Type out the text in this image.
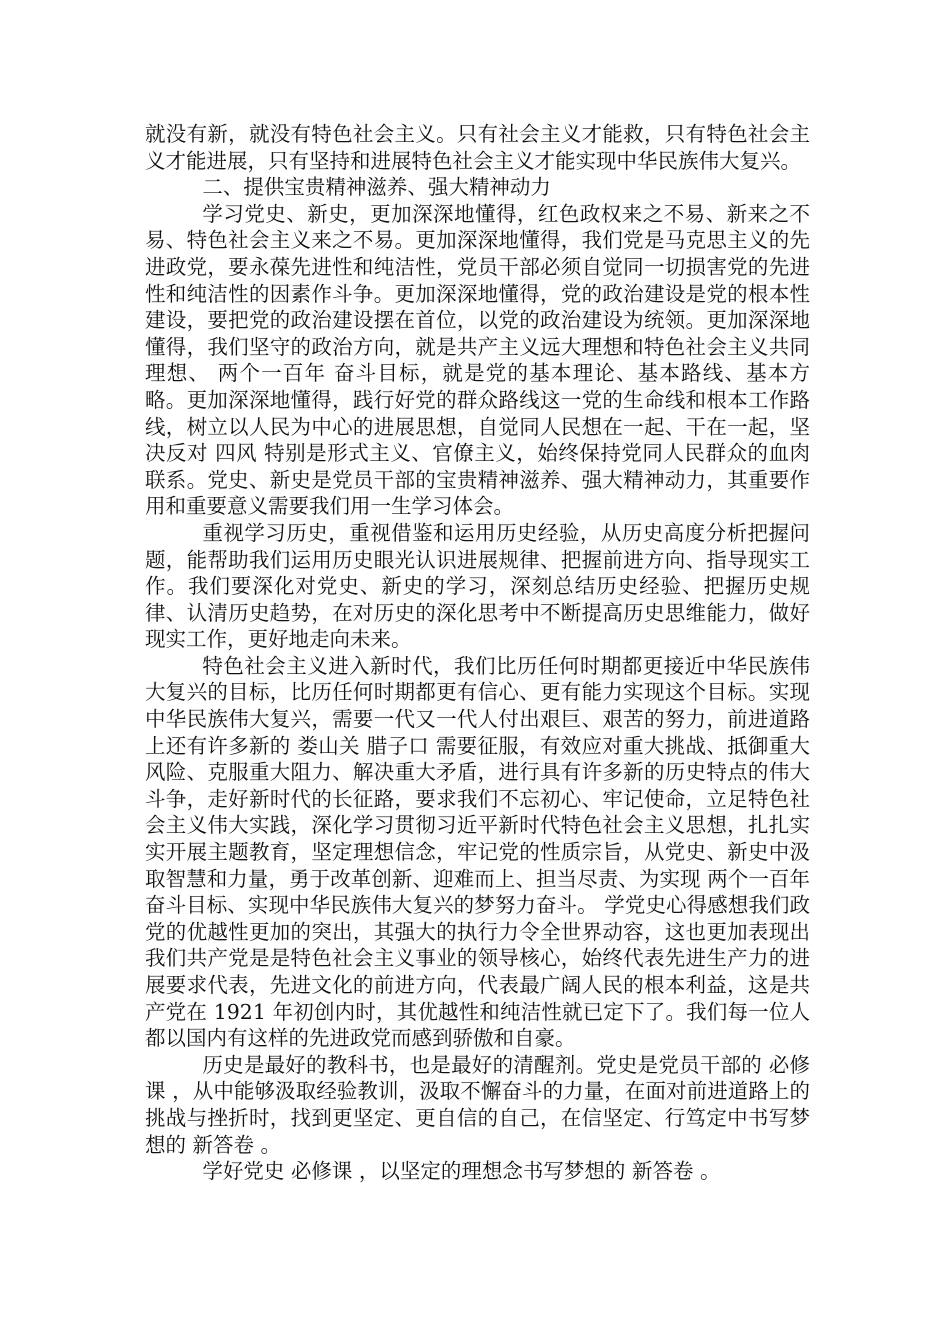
就没有新，就没有特色社会主义。只有社会主义才能救，只有特色社会主义才能进展，只有坚持和进展特色社会主义才能实现中华民族伟大复兴。

二、提供宝贵精神滋养、强大精神动力

学习党史、新史，更加深深地懂得，红色政权来之不易、新来之不易、特色社会主义来之不易。更加深深地懂得，我们党是马克思主义的先进政党，要永葆先进性和纯洁性，党员干部必须自觉同一切损害党的先进性和纯洁性的因素作斗争。更加深深地懂得，党的政治建设是党的根本性建设，要把党的政治建设摆在首位，以党的政治建设为统领。更加深深地懂得，我们坚守的政治方向，就是共产主义远大理想和特色社会主义共同理想、 两个一百年 奋斗目标，就是党的基本理论、基本路线、基本方略。更加深深地懂得，践行好党的群众路线这一党的生命线和根本工作路线，树立以人民为中心的进展思想，自觉同人民想在一起、干在一起，坚决反对 四风 特别是形式主义、官僚主义，始终保持党同人民群众的血肉联系。党史、新史是党员干部的宝贵精神滋养、强大精神动力，其重要作用和重要意义需要我们用一生学习体会。

重视学习历史，重视借鉴和运用历史经验，从历史高度分析把握问题，能帮助我们运用历史眼光认识进展规律、把握前进方向、指导现实工作。我们要深化对党史、新史的学习，深刻总结历史经验、把握历史规律、认清历史趋势，在对历史的深化思考中不断提高历史思维能力，做好现实工作，更好地走向未来。

特色社会主义进入新时代，我们比历任何时期都更接近中华民族伟大复兴的目标，比历任何时期都更有信心、更有能力实现这个目标。实现中华民族伟大复兴，需要一代又一代人付出艰巨、艰苦的努力，前进道路上还有许多新的 娄山关 腊子口 需要征服，有效应对重大挑战、抵御重大风险、克服重大阻力、解决重大矛盾，进行具有许多新的历史特点的伟大斗争，走好新时代的长征路，要求我们不忘初心、牢记使命，立足特色社会主义伟大实践，深化学习贯彻习近平新时代特色社会主义思想，扎扎实实开展主题教育，坚定理想信念，牢记党的性质宗旨，从党史、新史中汲取智慧和力量，勇于改革创新、迎难而上、担当尽责、为实现 两个一百年 奋斗目标、实现中华民族伟大复兴的梦努力奋斗。 学党史心得感想我们政党的优越性更加的突出，其强大的执行力令全世界动容，这也更加表现出我们共产党是是特色社会主义事业的领导核心，始终代表先进生产力的进展要求代表，先进文化的前进方向，代表最广阔人民的根本利益，这是共产党在 1921 年初创内时，其优越性和纯洁性就已定下了。我们每一位人都以国内有这样的先进政党而感到骄傲和自豪。

历史是最好的教科书，也是最好的清醒剂。党史是党员干部的 必修课 ，从中能够汲取经验教训，汲取不懈奋斗的力量，在面对前进道路上的挑战与挫折时，找到更坚定、更自信的自己，在信坚定、行笃定中书写梦想的 新答卷 。

学好党史 必修课 ，以坚定的理想念书写梦想的 新答卷 。
